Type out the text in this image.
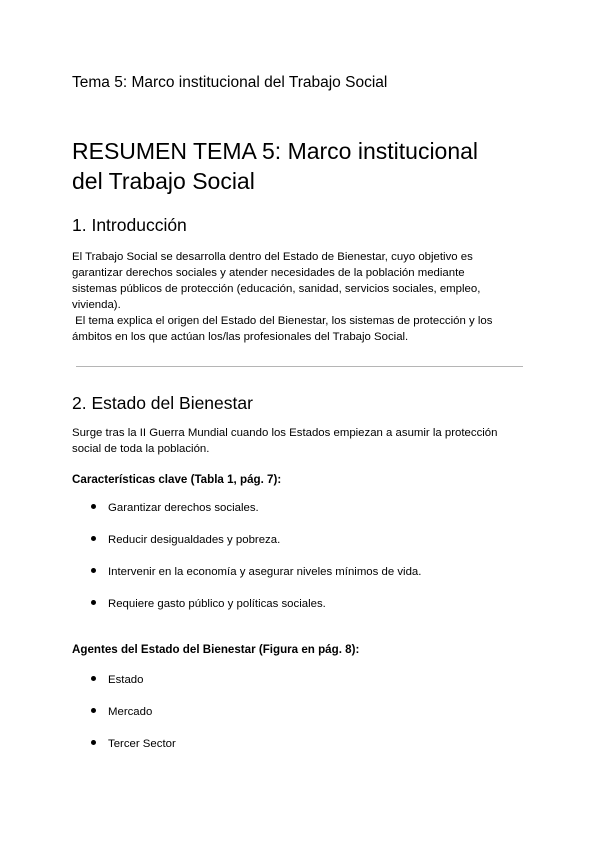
Tema 5: Marco institucional del Trabajo Social
RESUMEN TEMA 5: Marco institucional
del Trabajo Social
1. Introducción

El Trabajo Social se desarrolla dentro del Estado de Bienestar, cuyo objetivo es
garantizar derechos sociales y atender necesidades de la población mediante
sistemas públicos de protección (educación, sanidad, servicios sociales, empleo,
vivienda).
El tema explica el origen del Estado del Bienestar, los sistemas de protección y los
ámbitos en los que actúan los/las profesionales del Trabajo Social.

2. Estado del Bienestar

Surge tras la II Guerra Mundial cuando los Estados empiezan a asumir la protección
social de toda la población.

Características clave (Tabla 1, pág. 7):
Garantizar derechos sociales.
Reducir desigualdades y pobreza.
Intervenir en la economía y asegurar niveles mínimos de vida.
Requiere gasto público y políticas sociales.
Agentes del Estado del Bienestar (Figura en pág. 8):
Estado
Mercado
Tercer Sector
